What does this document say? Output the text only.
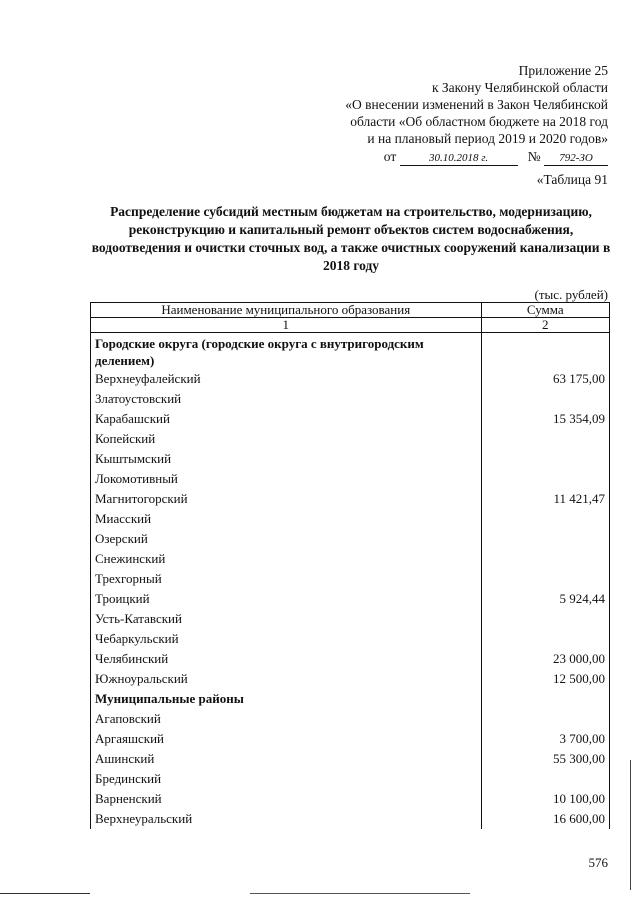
Приложение 25
к Закону Челябинской области
«О внесении изменений в Закон Челябинской
области «Об областном бюджете на 2018 год
и на плановый период 2019 и 2020 годов»
от	30.10.2018 г.	№ 792-ЗО
«Таблица 91
Распределение субсидий местным бюджетам на строительство, модернизацию, реконструкцию и капитальный ремонт объектов систем водоснабжения, водоотведения и очистки сточных вод, а также очистных сооружений канализации в 2018 году
(тыс. рублей)
Наименование муниципального образования	Сумма
1	2
Городские округа (городские округа с внутригородским делением)	
Верхнеуфалейский	63 175,00
Златоустовский	
Карабашский	15 354,09
Копейский	
Кыштымский	
Локомотивный	
Магнитогорский	11 421,47
Миасский	
Озерский	
Снежинский	
Трехгорный	
Троицкий	5 924,44
Усть-Катавский	
Чебаркульский	
Челябинский	23 000,00
Южноуральский	12 500,00
Муниципальные районы	
Агаповский	
Аргаяшский	3 700,00
Ашинский	55 300,00
Брединский	
Варненский	10 100,00
Верхнеуральский	16 600,00
576
